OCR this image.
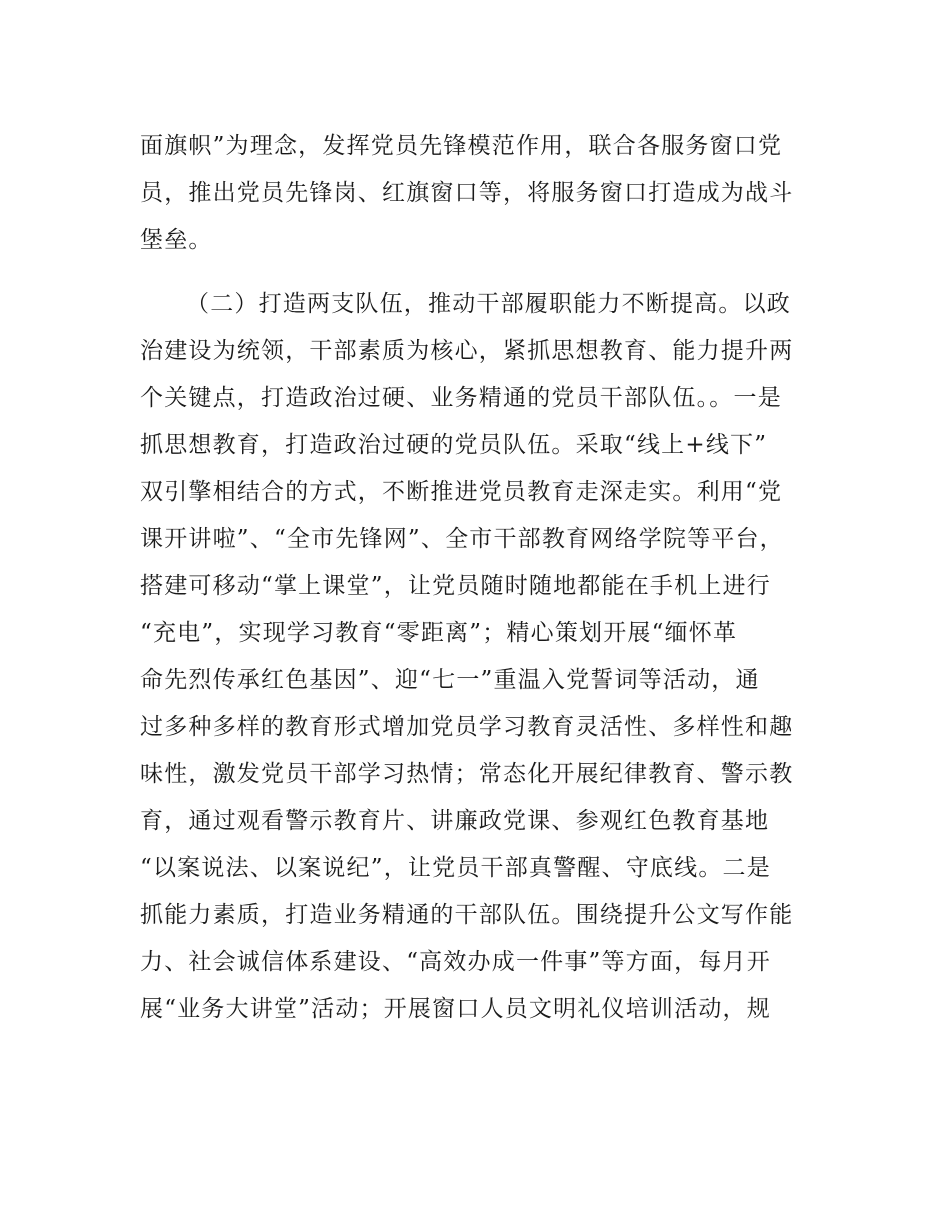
面旗帜”为理念，发挥党员先锋模范作用，联合各服务窗口党
员，推出党员先锋岗、红旗窗口等，将服务窗口打造成为战斗
堡垒。
（二）打造两支队伍，推动干部履职能力不断提高。以政
治建设为统领，干部素质为核心，紧抓思想教育、能力提升两
个关键点，打造政治过硬、业务精通的党员干部队伍。。一是
抓思想教育，打造政治过硬的党员队伍。采取“线上+线下”
双引擎相结合的方式，不断推进党员教育走深走实。利用“党
课开讲啦”、“全市先锋网”、全市干部教育网络学院等平台，
搭建可移动“掌上课堂”，让党员随时随地都能在手机上进行
“充电”，实现学习教育“零距离”；精心策划开展“缅怀革
命先烈传承红色基因”、迎“七一”重温入党誓词等活动，通
过多种多样的教育形式增加党员学习教育灵活性、多样性和趣
味性，激发党员干部学习热情；常态化开展纪律教育、警示教
育，通过观看警示教育片、讲廉政党课、参观红色教育基地
“以案说法、以案说纪”，让党员干部真警醒、守底线。二是
抓能力素质，打造业务精通的干部队伍。围绕提升公文写作能
力、社会诚信体系建设、“高效办成一件事”等方面，每月开
展“业务大讲堂”活动；开展窗口人员文明礼仪培训活动，规
